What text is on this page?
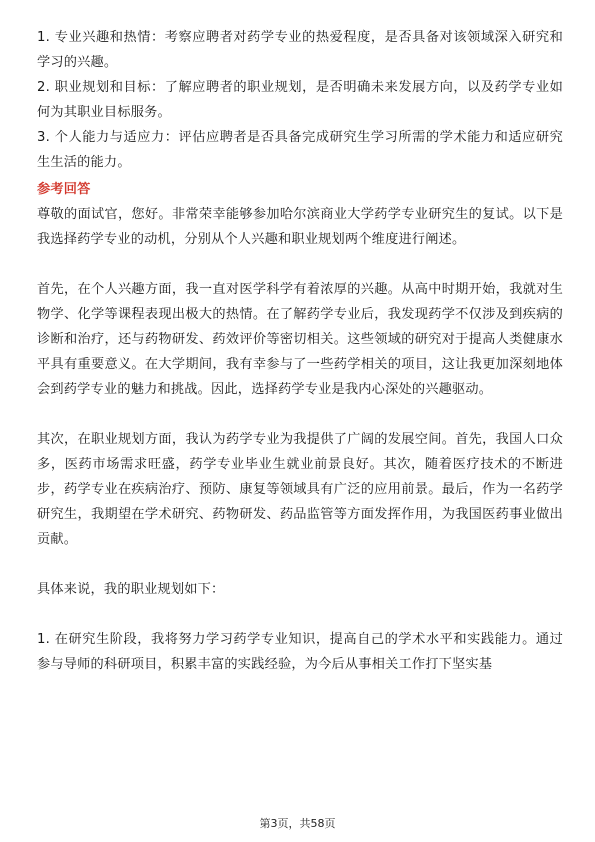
1. 专业兴趣和热情：考察应聘者对药学专业的热爱程度，是否具备对该领域深入研究和学习的兴趣。

2. 职业规划和目标：了解应聘者的职业规划，是否明确未来发展方向，以及药学专业如何为其职业目标服务。

3. 个人能力与适应力：评估应聘者是否具备完成研究生学习所需的学术能力和适应研究生生活的能力。

参考回答

尊敬的面试官，您好。非常荣幸能够参加哈尔滨商业大学药学专业研究生的复试。以下是我选择药学专业的动机，分别从个人兴趣和职业规划两个维度进行阐述。

首先，在个人兴趣方面，我一直对医学科学有着浓厚的兴趣。从高中时期开始，我就对生物学、化学等课程表现出极大的热情。在了解药学专业后，我发现药学不仅涉及到疾病的诊断和治疗，还与药物研发、药效评价等密切相关。这些领域的研究对于提高人类健康水平具有重要意义。在大学期间，我有幸参与了一些药学相关的项目，这让我更加深刻地体会到药学专业的魅力和挑战。因此，选择药学专业是我内心深处的兴趣驱动。

其次，在职业规划方面，我认为药学专业为我提供了广阔的发展空间。首先，我国人口众多，医药市场需求旺盛，药学专业毕业生就业前景良好。其次，随着医疗技术的不断进步，药学专业在疾病治疗、预防、康复等领域具有广泛的应用前景。最后，作为一名药学研究生，我期望在学术研究、药物研发、药品监管等方面发挥作用，为我国医药事业做出贡献。

具体来说，我的职业规划如下：

1. 在研究生阶段，我将努力学习药学专业知识，提高自己的学术水平和实践能力。通过参与导师的科研项目，积累丰富的实践经验，为今后从事相关工作打下坚实基

第3页，共58页
